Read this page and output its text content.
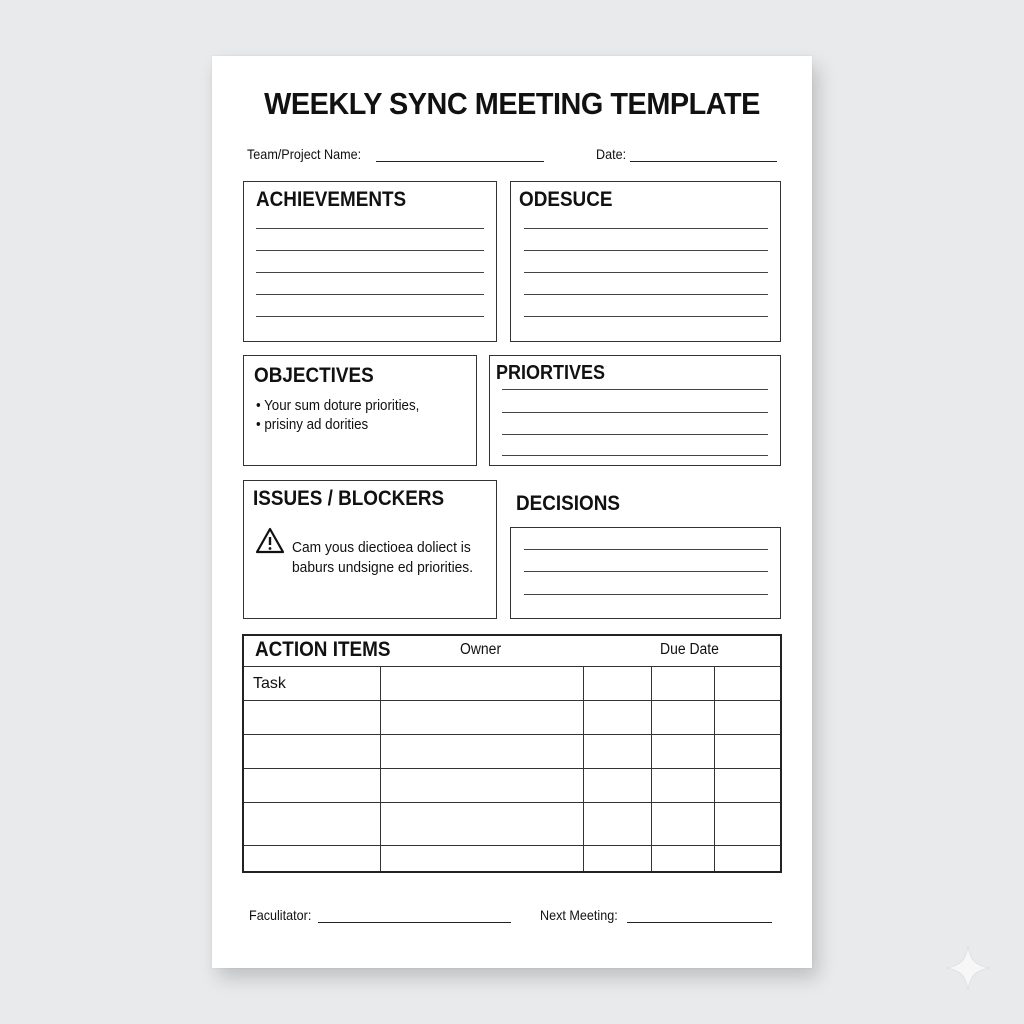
WEEKLY SYNC MEETING TEMPLATE
Team/Project Name:	Date:
ACHIEVEMENTS	ODESUCE
OBJECTIVES
• Your sum doture priorities,
• prisiny ad dorities
PRIORTIVES
ISSUES / BLOCKERS
Cam yous diectioea doliect is
baburs undsigne ed priorities.
DECISIONS
ACTION ITEMS	Owner	Due Date
Task				

Faculitator:	Next Meeting:
